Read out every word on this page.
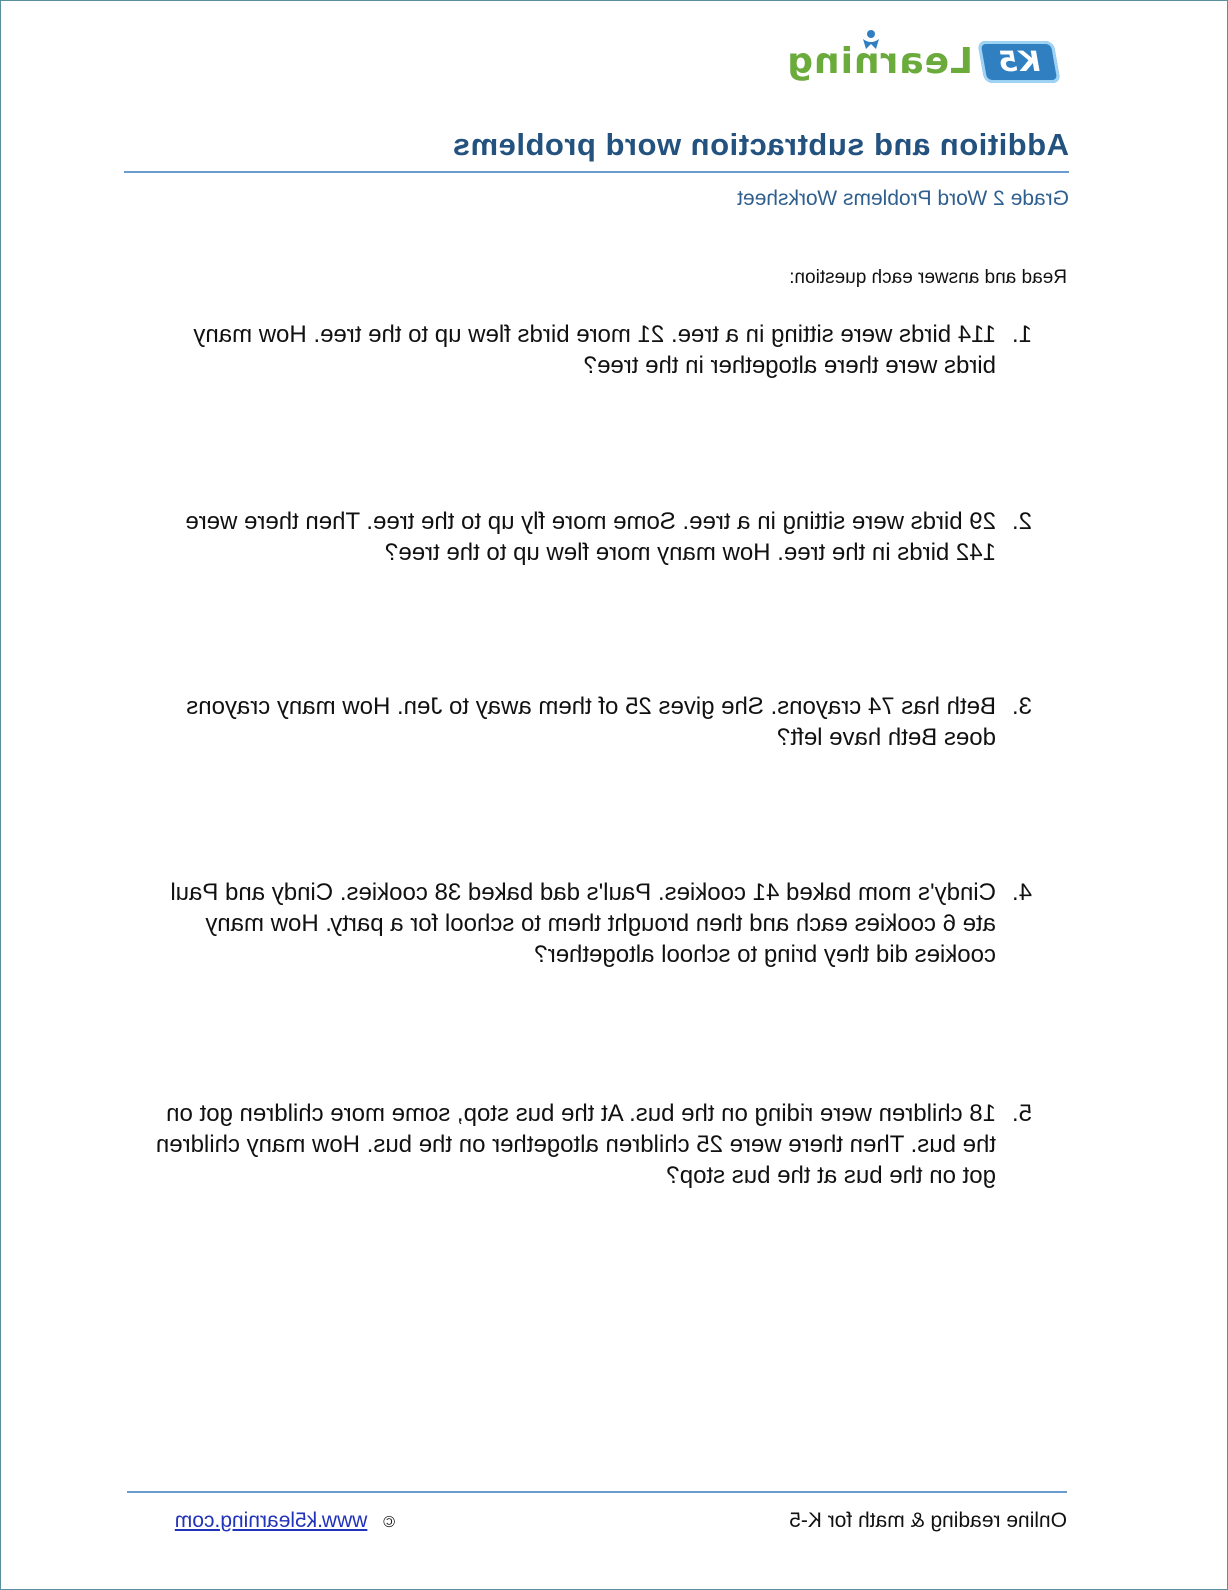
K5
Learning
Addition and subtraction word problems
Grade 2 Word Problems Worksheet
Read and answer each question:
1.
114 birds were sitting in a tree. 21 more birds flew up to the tree. How many birds were there altogether in the tree?
2.
29 birds were sitting in a tree. Some more fly up to the tree. Then there were 142 birds in the tree. How many more flew up to the tree?
3.
Beth has 74 crayons. She gives 25 of them away to Jen. How many crayons does Beth have left?
4.
Cindy's mom baked 41 cookies. Paul's dad baked 38 cookies. Cindy and Paul ate 6 cookies each and then brought them to school for a party. How many cookies did they bring to school altogether?
5.
18 children were riding on the bus. At the bus stop, some more children got on the bus. Then there were 25 children altogether on the bus. How many children got on the bus at the bus stop?
Online reading & math for K-5
© www.k5learning.com
